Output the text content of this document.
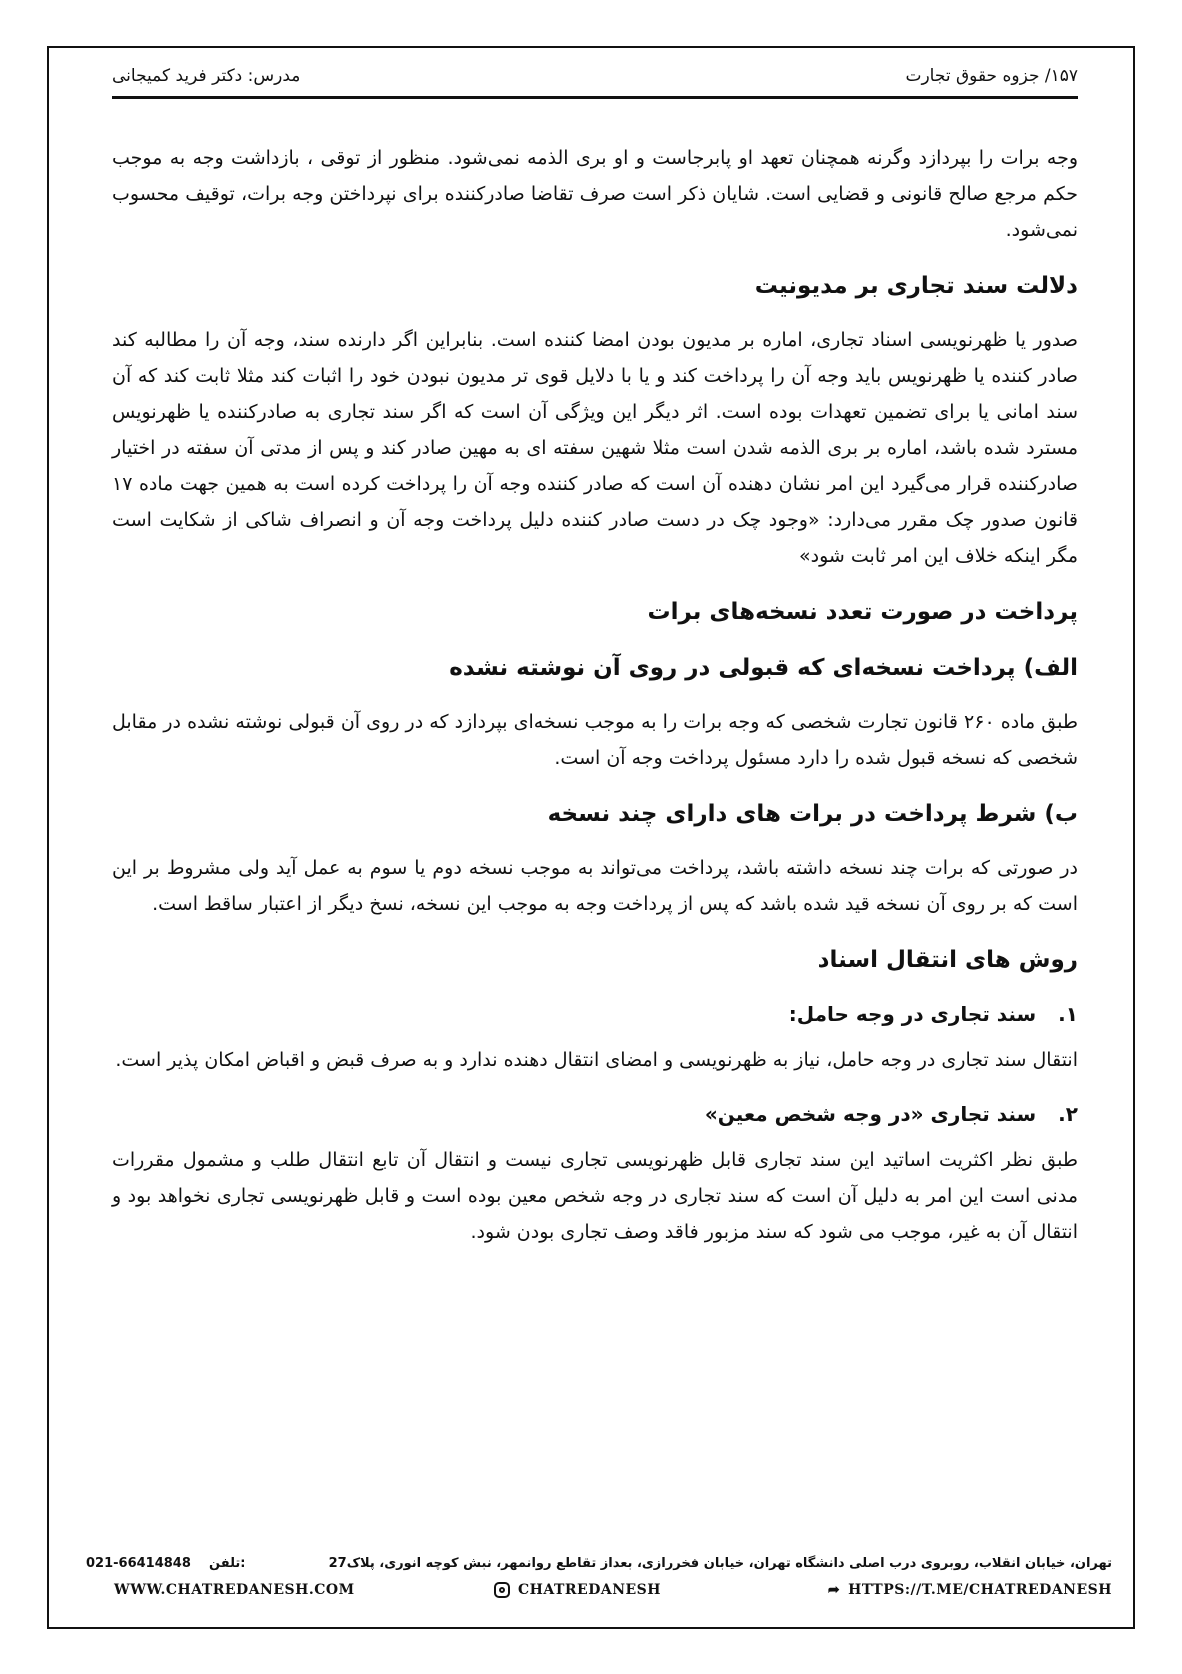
۱۵۷/ جزوه حقوق تجارت
مدرس: دکتر فرید کمیجانی

وجه برات را بپردازد وگرنه همچنان تعهد او پابرجاست و او بری الذمه نمی‌شود. منظور از توقی ، بازداشت وجه به موجب حکم مرجع صالح قانونی و قضایی است. شایان ذکر است صرف تقاضا صادرکننده برای نپرداختن وجه برات، توقیف محسوب نمی‌شود.

دلالت سند تجاری بر مدیونیت

صدور یا ظهرنویسی اسناد تجاری، اماره بر مدیون بودن امضا کننده است. بنابراین اگر دارنده سند، وجه آن را مطالبه کند صادر کننده یا ظهرنویس باید وجه آن را پرداخت کند و یا با دلایل قوی تر مدیون نبودن خود را اثبات کند مثلا ثابت کند که آن سند امانی یا برای تضمین تعهدات بوده است. اثر دیگر این ویژگی آن است که اگر سند تجاری به صادرکننده یا ظهرنویس مسترد شده باشد، اماره بر بری الذمه شدن است مثلا شهین سفته ای به مهین صادر کند و پس از مدتی آن سفته در اختیار صادرکننده قرار می‌گیرد این امر نشان دهنده آن است که صادر کننده وجه آن را پرداخت کرده است به همین جهت ماده ۱۷ قانون صدور چک مقرر می‌دارد: «وجود چک در دست صادر کننده دلیل پرداخت وجه آن و انصراف شاکی از شکایت است مگر اینکه خلاف این امر ثابت شود»

پرداخت در صورت تعدد نسخه‌های برات
الف) پرداخت نسخه‌ای که قبولی در روی آن نوشته نشده

طبق ماده ۲۶۰ قانون تجارت شخصی که وجه برات را به موجب نسخه‌ای بپردازد که در روی آن قبولی نوشته نشده در مقابل شخصی که نسخه قبول شده را دارد مسئول پرداخت وجه آن است.

ب) شرط پرداخت در برات های دارای چند نسخه

در صورتی که برات چند نسخه داشته باشد، پرداخت می‌تواند به موجب نسخه دوم یا سوم به عمل آید ولی مشروط بر این است که بر روی آن نسخه قید شده باشد که پس از پرداخت وجه به موجب این نسخه، نسخ دیگر از اعتبار ساقط است.

روش های انتقال اسناد
۱.سند تجاری در وجه حامل:

انتقال سند تجاری در وجه حامل، نیاز به ظهرنویسی و امضای انتقال دهنده ندارد و به صرف قبض و اقباض امکان پذیر است.

۲.سند تجاری «در وجه شخص معین»

طبق نظر اکثریت اساتید این سند تجاری قابل ظهرنویسی تجاری نیست و انتقال آن تابع انتقال طلب و مشمول مقررات مدنی است این امر به دلیل آن است که سند تجاری در وجه شخص معین بوده است و قابل ظهرنویسی تجاری نخواهد بود و انتقال آن به غیر، موجب می شود که سند مزبور فاقد وصف تجاری بودن شود.

تهران، خیابان انقلاب، روبروی درب اصلی دانشگاه تهران، خیابان فخررازی، بعداز تقاطع روانمهر، نبش کوچه انوری، پلاک27
021-66414848 تلفن:
WWW.CHATREDANESH.COM	CHATREDANESH	➦ HTTPS://T.ME/CHATREDANESH
